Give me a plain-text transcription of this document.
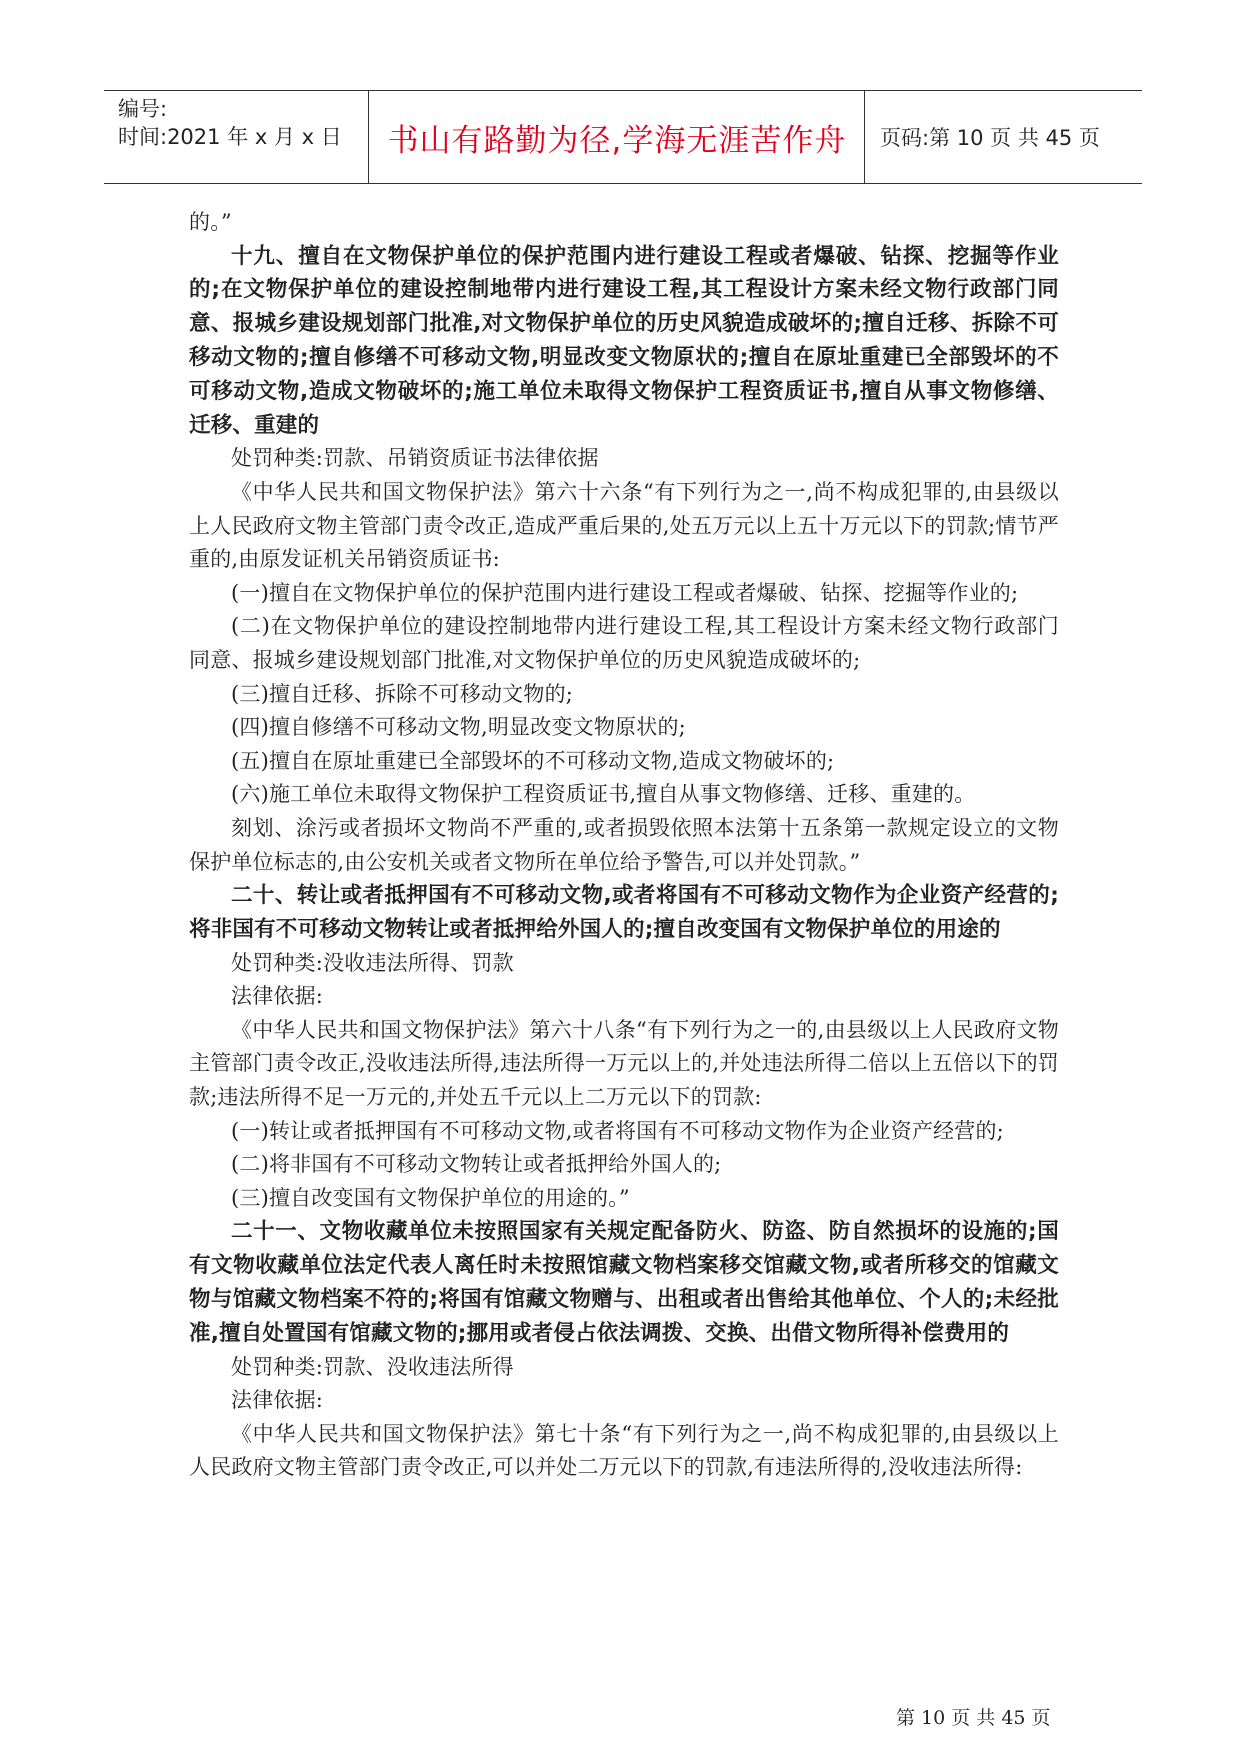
编号:
时间:2021 年 x 月 x 日 书山有路勤为径,学海无涯苦作舟 页码:第 10 页 共 45 页

的。”

十九、擅自在文物保护单位的保护范围内进行建设工程或者爆破、钻探、挖掘等作业的;在文物保护单位的建设控制地带内进行建设工程,其工程设计方案未经文物行政部门同意、报城乡建设规划部门批准,对文物保护单位的历史风貌造成破坏的;擅自迁移、拆除不可移动文物的;擅自修缮不可移动文物,明显改变文物原状的;擅自在原址重建已全部毁坏的不可移动文物,造成文物破坏的;施工单位未取得文物保护工程资质证书,擅自从事文物修缮、迁移、重建的

处罚种类:罚款、吊销资质证书法律依据

《中华人民共和国文物保护法》第六十六条“有下列行为之一,尚不构成犯罪的,由县级以上人民政府文物主管部门责令改正,造成严重后果的,处五万元以上五十万元以下的罚款;情节严重的,由原发证机关吊销资质证书:

(一)擅自在文物保护单位的保护范围内进行建设工程或者爆破、钻探、挖掘等作业的;

(二)在文物保护单位的建设控制地带内进行建设工程,其工程设计方案未经文物行政部门同意、报城乡建设规划部门批准,对文物保护单位的历史风貌造成破坏的;

(三)擅自迁移、拆除不可移动文物的;

(四)擅自修缮不可移动文物,明显改变文物原状的;

(五)擅自在原址重建已全部毁坏的不可移动文物,造成文物破坏的;

(六)施工单位未取得文物保护工程资质证书,擅自从事文物修缮、迁移、重建的。

刻划、涂污或者损坏文物尚不严重的,或者损毁依照本法第十五条第一款规定设立的文物保护单位标志的,由公安机关或者文物所在单位给予警告,可以并处罚款。”

二十、转让或者抵押国有不可移动文物,或者将国有不可移动文物作为企业资产经营的;将非国有不可移动文物转让或者抵押给外国人的;擅自改变国有文物保护单位的用途的

处罚种类:没收违法所得、罚款

法律依据:

《中华人民共和国文物保护法》第六十八条“有下列行为之一的,由县级以上人民政府文物主管部门责令改正,没收违法所得,违法所得一万元以上的,并处违法所得二倍以上五倍以下的罚款;违法所得不足一万元的,并处五千元以上二万元以下的罚款:

(一)转让或者抵押国有不可移动文物,或者将国有不可移动文物作为企业资产经营的;

(二)将非国有不可移动文物转让或者抵押给外国人的;

(三)擅自改变国有文物保护单位的用途的。”

二十一、文物收藏单位未按照国家有关规定配备防火、防盗、防自然损坏的设施的;国有文物收藏单位法定代表人离任时未按照馆藏文物档案移交馆藏文物,或者所移交的馆藏文物与馆藏文物档案不符的;将国有馆藏文物赠与、出租或者出售给其他单位、个人的;未经批准,擅自处置国有馆藏文物的;挪用或者侵占依法调拨、交换、出借文物所得补偿费用的

处罚种类:罚款、没收违法所得

法律依据:

《中华人民共和国文物保护法》第七十条“有下列行为之一,尚不构成犯罪的,由县级以上人民政府文物主管部门责令改正,可以并处二万元以下的罚款,有违法所得的,没收违法所得:

第 10 页 共 45 页
